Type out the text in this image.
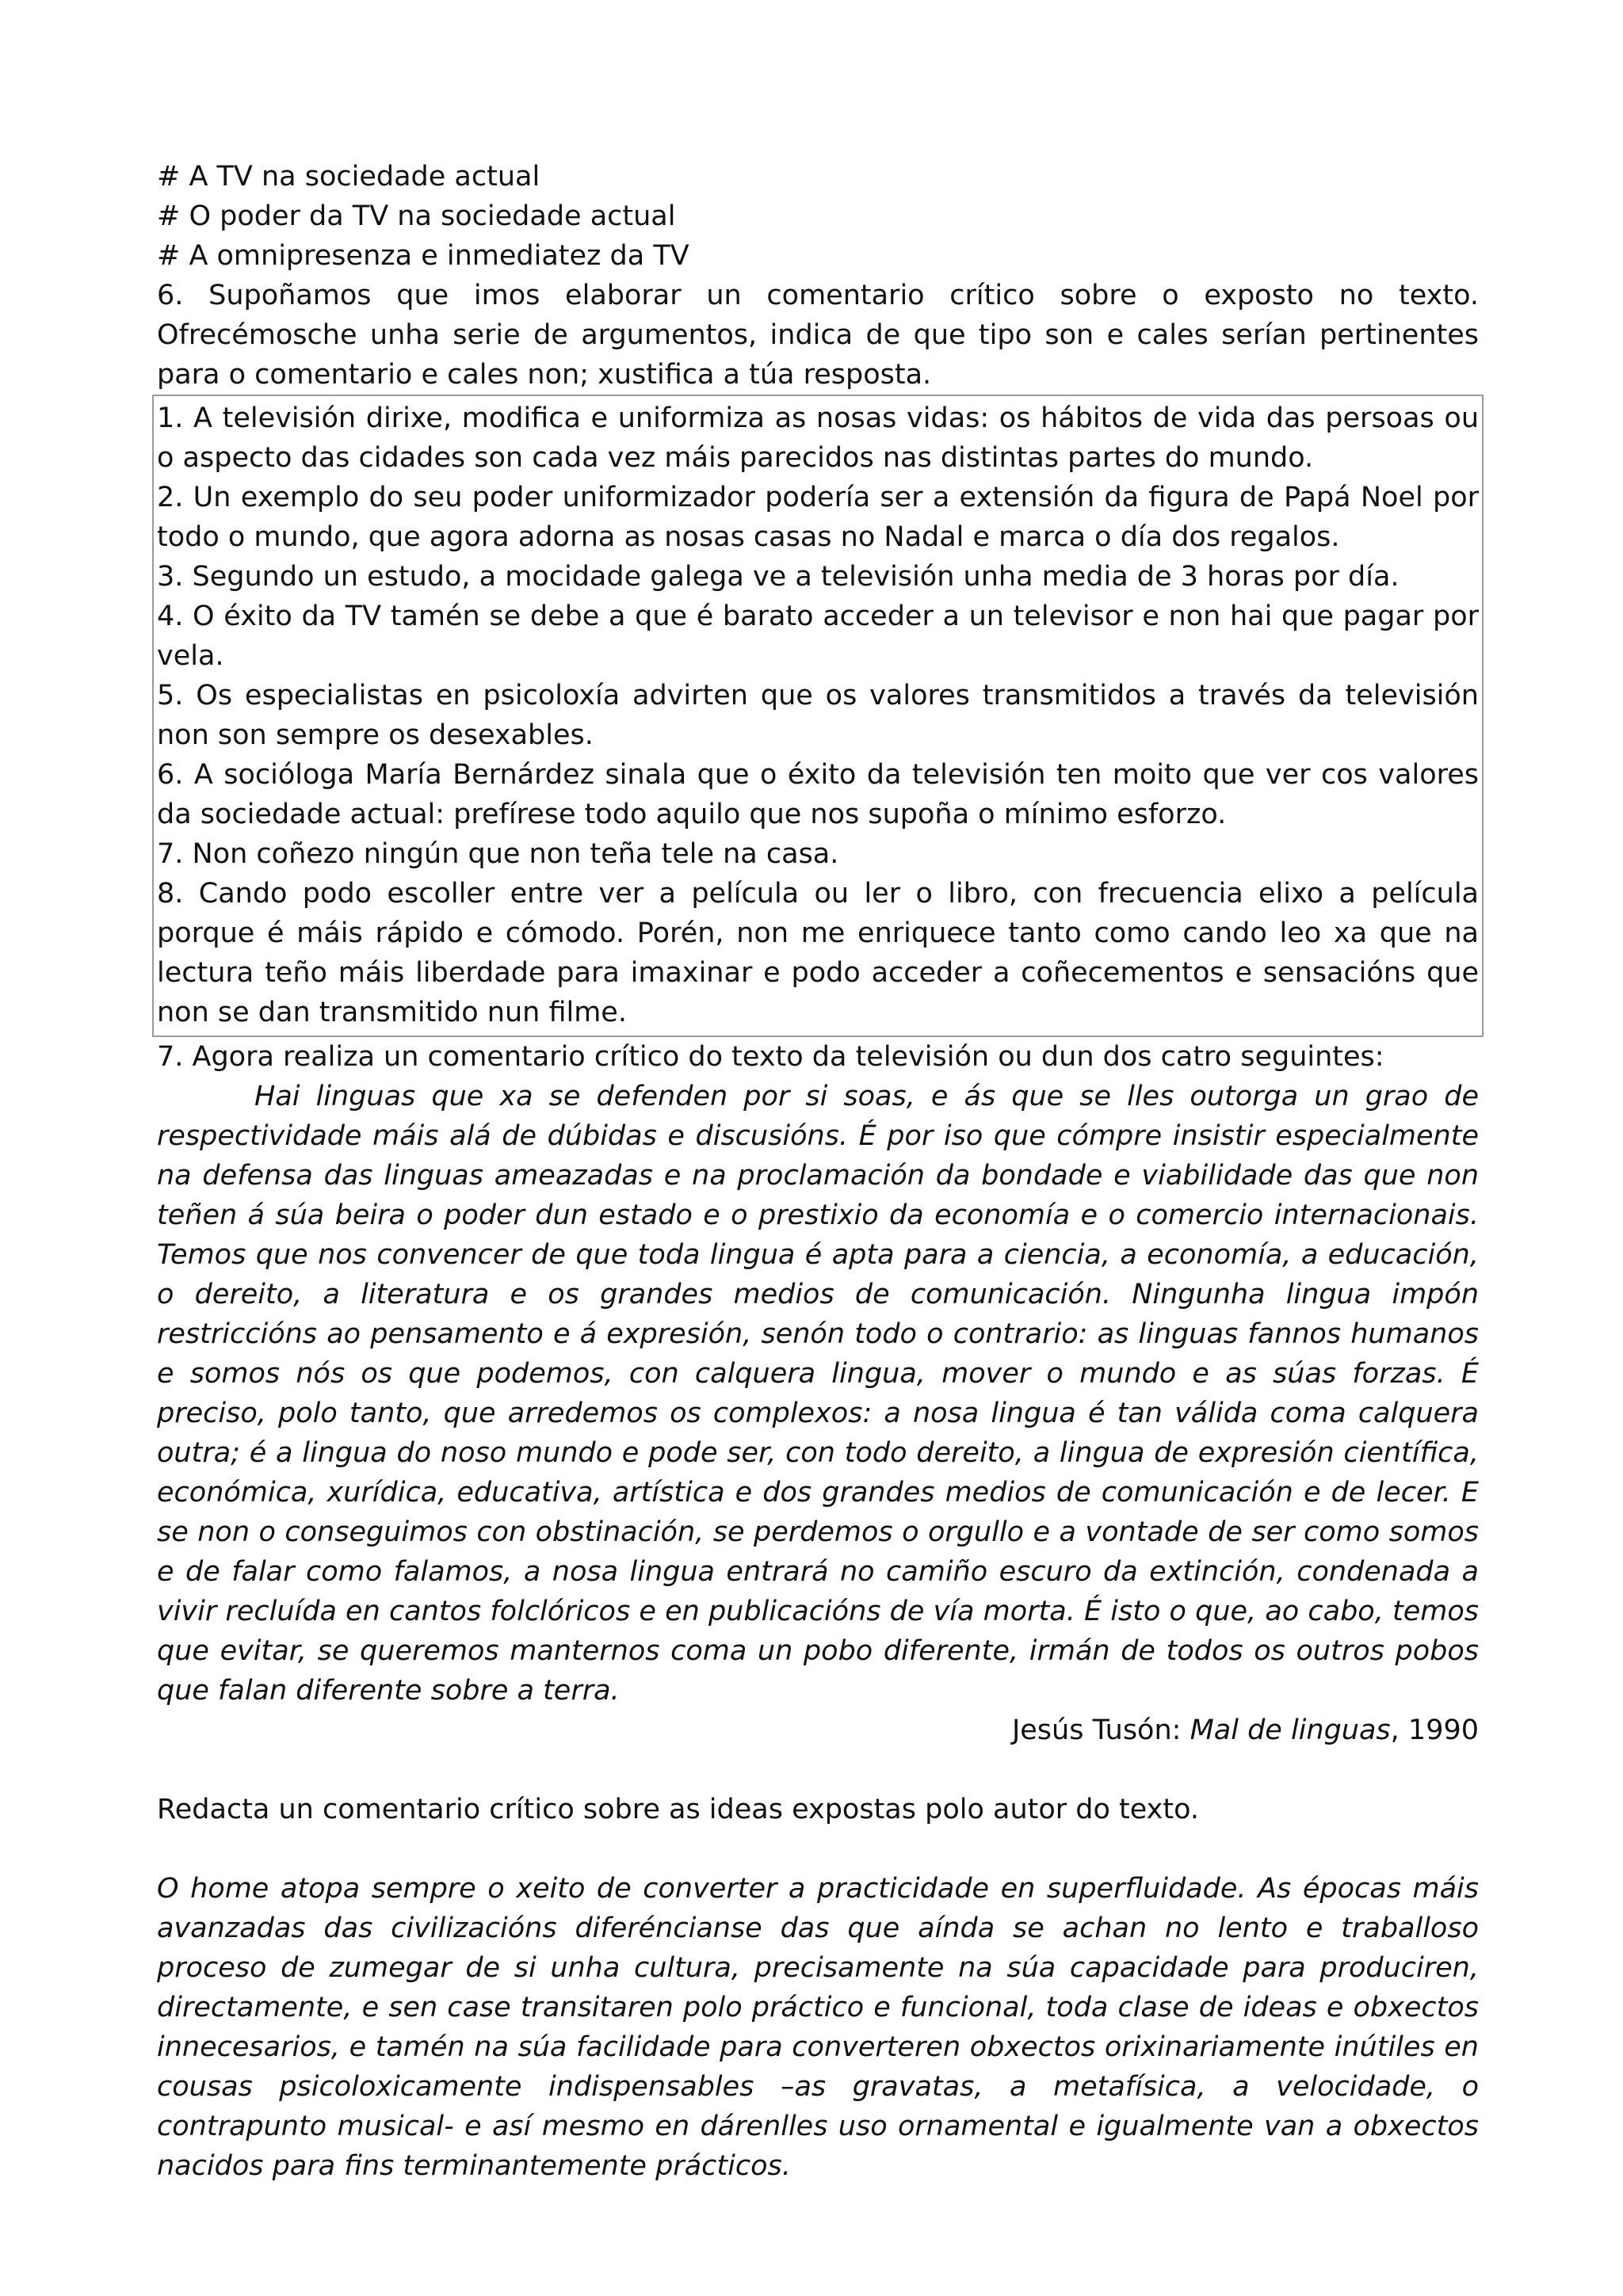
# A TV na sociedade actual

# O poder da TV na sociedade actual

# A omnipresenza e inmediatez da TV

6. Supoñamos que imos elaborar un comentario crítico sobre o exposto no texto. Ofrecémosche unha serie de argumentos, indica de que tipo son e cales serían pertinentes para o comentario e cales non; xustifica a túa resposta.

1. A televisión dirixe, modifica e uniformiza as nosas vidas: os hábitos de vida das persoas ou o aspecto das cidades son cada vez máis parecidos nas distintas partes do mundo.

2. Un exemplo do seu poder uniformizador podería ser a extensión da figura de Papá Noel por todo o mundo, que agora adorna as nosas casas no Nadal e marca o día dos regalos.

3. Segundo un estudo, a mocidade galega ve a televisión unha media de 3 horas por día.

4. O éxito da TV tamén se debe a que é barato acceder a un televisor e non hai que pagar por vela.

5. Os especialistas en psicoloxía advirten que os valores transmitidos a través da televisión non son sempre os desexables.

6. A socióloga María Bernárdez sinala que o éxito da televisión ten moito que ver cos valores da sociedade actual: prefírese todo aquilo que nos supoña o mínimo esforzo.

7. Non coñezo ningún que non teña tele na casa.

8. Cando podo escoller entre ver a película ou ler o libro, con frecuencia elixo a película porque é máis rápido e cómodo. Porén, non me enriquece tanto como cando leo xa que na lectura teño máis liberdade para imaxinar e podo acceder a coñecementos e sensacións que non se dan transmitido nun filme.

7. Agora realiza un comentario crítico do texto da televisión ou dun dos catro seguintes:

Hai linguas que xa se defenden por si soas, e ás que se lles outorga un grao de respectividade máis alá de dúbidas e discusións. É por iso que cómpre insistir especialmente na defensa das linguas ameazadas e na proclamación da bondade e viabilidade das que non teñen á súa beira o poder dun estado e o prestixio da economía e o comercio internacionais. Temos que nos convencer de que toda lingua é apta para a ciencia, a economía, a educación, o dereito, a literatura e os grandes medios de comunicación. Ningunha lingua impón restriccións ao pensamento e á expresión, senón todo o contrario: as linguas fannos humanos e somos nós os que podemos, con calquera lingua, mover o mundo e as súas forzas. É preciso, polo tanto, que arredemos os complexos: a nosa lingua é tan válida coma calquera outra; é a lingua do noso mundo e pode ser, con todo dereito, a lingua de expresión científica, económica, xurídica, educativa, artística e dos grandes medios de comunicación e de lecer. E se non o conseguimos con obstinación, se perdemos o orgullo e a vontade de ser como somos e de falar como falamos, a nosa lingua entrará no camiño escuro da extinción, condenada a vivir recluída en cantos folclóricos e en publicacións de vía morta. É isto o que, ao cabo, temos que evitar, se queremos manternos coma un pobo diferente, irmán de todos os outros pobos que falan diferente sobre a terra.

Jesús Tusón: Mal de linguas, 1990

Redacta un comentario crítico sobre as ideas expostas polo autor do texto.

O home atopa sempre o xeito de converter a practicidade en superfluidade. As épocas máis avanzadas das civilizacións diferéncianse das que aínda se achan no lento e traballoso proceso de zumegar de si unha cultura, precisamente na súa capacidade para produciren, directamente, e sen case transitaren polo práctico e funcional, toda clase de ideas e obxectos innecesarios, e tamén na súa facilidade para converteren obxectos orixinariamente inútiles en cousas psicoloxicamente indispensables –as gravatas, a metafísica, a velocidade, o contrapunto musical- e así mesmo en dárenlles uso ornamental e igualmente van a obxectos nacidos para fins terminantemente prácticos.
